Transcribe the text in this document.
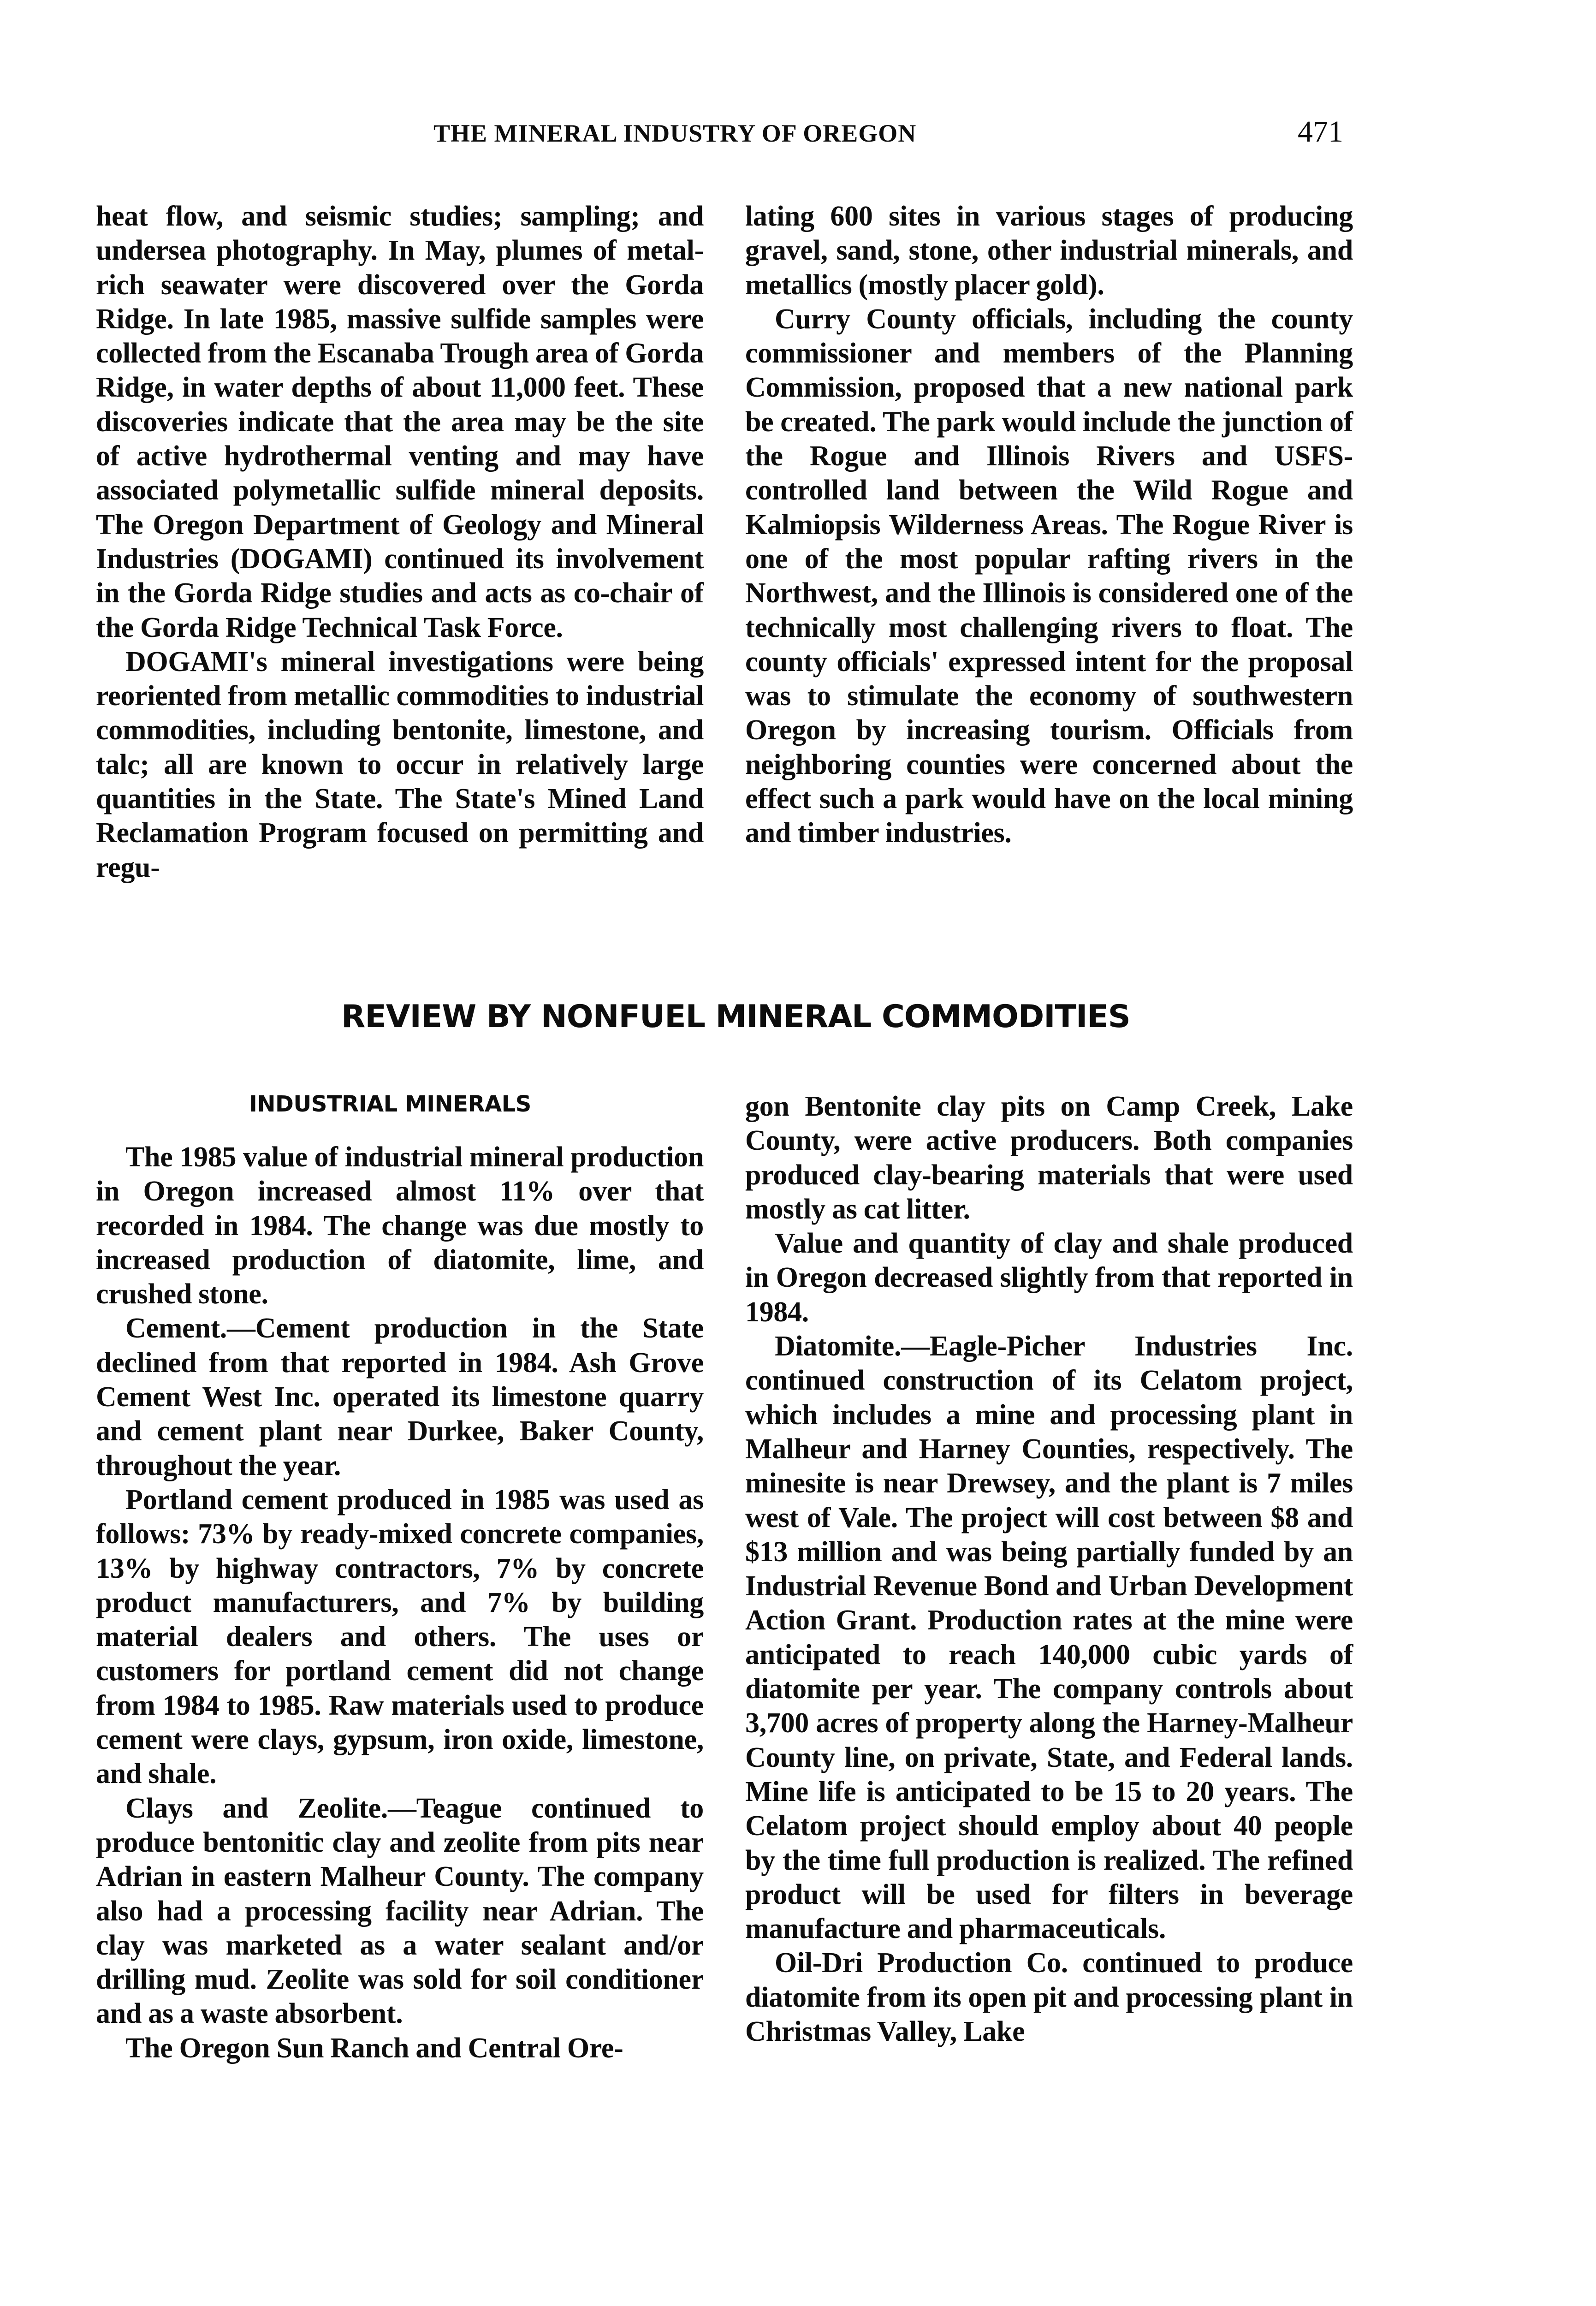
THE MINERAL INDUSTRY OF OREGON	471

heat flow, and seismic studies; sampling; and undersea photography. In May, plumes of metal-rich seawater were discovered over the Gorda Ridge. In late 1985, massive sulfide samples were collected from the Escanaba Trough area of Gorda Ridge, in water depths of about 11,000 feet. These discoveries indicate that the area may be the site of active hydrothermal venting and may have associated polymetallic sulfide mineral deposits. The Oregon Department of Geology and Mineral Industries (DOGAMI) continued its involvement in the Gorda Ridge studies and acts as co-chair of the Gorda Ridge Technical Task Force.

DOGAMI's mineral investigations were being reoriented from metallic commodities to industrial commodities, including bentonite, limestone, and talc; all are known to occur in relatively large quantities in the State. The State's Mined Land Reclamation Program focused on permitting and regu-

lating 600 sites in various stages of producing gravel, sand, stone, other industrial minerals, and metallics (mostly placer gold).

Curry County officials, including the county commissioner and members of the Planning Commission, proposed that a new national park be created. The park would include the junction of the Rogue and Illinois Rivers and USFS-controlled land between the Wild Rogue and Kalmiopsis Wilderness Areas. The Rogue River is one of the most popular rafting rivers in the Northwest, and the Illinois is considered one of the technically most challenging rivers to float. The county officials' expressed intent for the proposal was to stimulate the economy of southwestern Oregon by increasing tourism. Officials from neighboring counties were concerned about the effect such a park would have on the local mining and timber industries.

REVIEW BY NONFUEL MINERAL COMMODITIES
INDUSTRIAL MINERALS

The 1985 value of industrial mineral production in Oregon increased almost 11% over that recorded in 1984. The change was due mostly to increased production of diatomite, lime, and crushed stone.

Cement.—Cement production in the State declined from that reported in 1984. Ash Grove Cement West Inc. operated its limestone quarry and cement plant near Durkee, Baker County, throughout the year.

Portland cement produced in 1985 was used as follows: 73% by ready-mixed concrete companies, 13% by highway contractors, 7% by concrete product manufacturers, and 7% by building material dealers and others. The uses or customers for portland cement did not change from 1984 to 1985. Raw materials used to produce cement were clays, gypsum, iron oxide, limestone, and shale.

Clays and Zeolite.—Teague continued to produce bentonitic clay and zeolite from pits near Adrian in eastern Malheur County. The company also had a processing facility near Adrian. The clay was marketed as a water sealant and/or drilling mud. Zeolite was sold for soil conditioner and as a waste absorbent.

The Oregon Sun Ranch and Central Ore-

gon Bentonite clay pits on Camp Creek, Lake County, were active producers. Both companies produced clay-bearing materials that were used mostly as cat litter.

Value and quantity of clay and shale produced in Oregon decreased slightly from that reported in 1984.

Diatomite.—Eagle-Picher Industries Inc. continued construction of its Celatom project, which includes a mine and processing plant in Malheur and Harney Counties, respectively. The minesite is near Drewsey, and the plant is 7 miles west of Vale. The project will cost between $8 and $13 million and was being partially funded by an Industrial Revenue Bond and Urban Development Action Grant. Production rates at the mine were anticipated to reach 140,000 cubic yards of diatomite per year. The company controls about 3,700 acres of property along the Harney-Malheur County line, on private, State, and Federal lands. Mine life is anticipated to be 15 to 20 years. The Celatom project should employ about 40 people by the time full production is realized. The refined product will be used for filters in beverage manufacture and pharmaceuticals.

Oil-Dri Production Co. continued to produce diatomite from its open pit and processing plant in Christmas Valley, Lake
